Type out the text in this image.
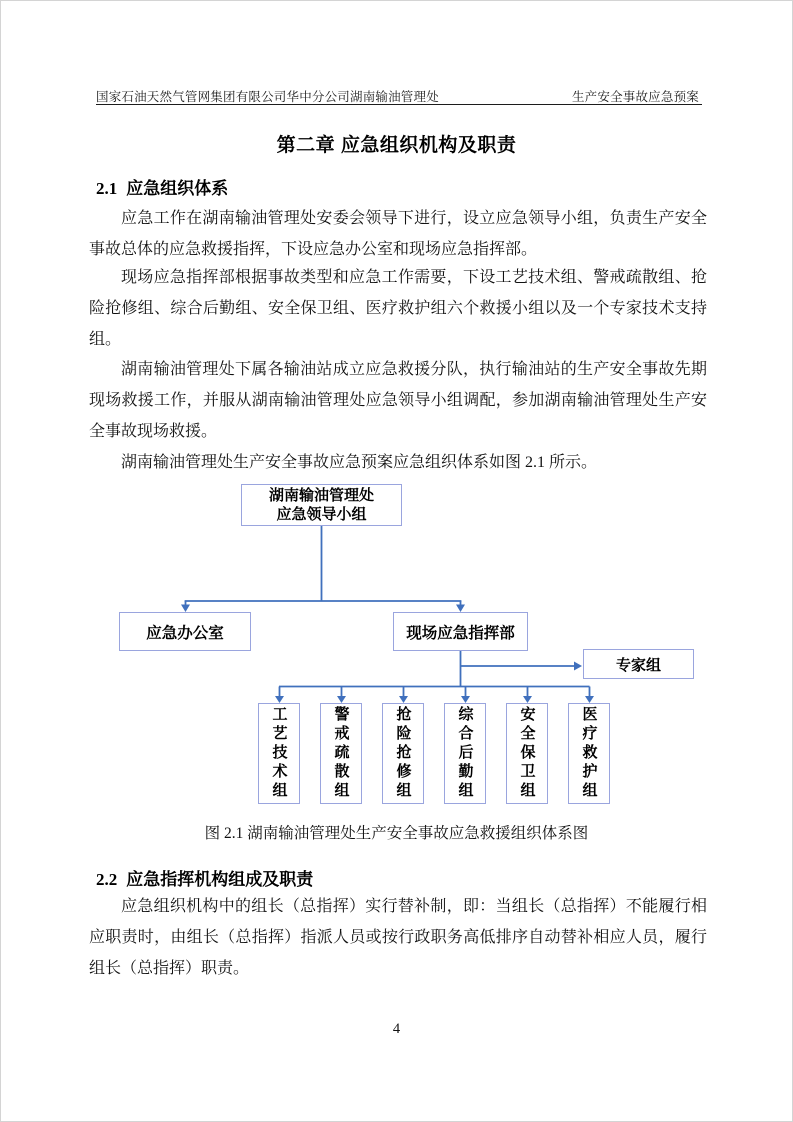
国家石油天然气管网集团有限公司华中分公司湖南输油管理处	生产安全事故应急预案
第二章 应急组织机构及职责
2.1 应急组织体系

应急工作在湖南输油管理处安委会领导下进行，设立应急领导小组，负责生产安全事故总体的应急救援指挥，下设应急办公室和现场应急指挥部。

现场应急指挥部根据事故类型和应急工作需要，下设工艺技术组、警戒疏散组、抢险抢修组、综合后勤组、安全保卫组、医疗救护组六个救援小组以及一个专家技术支持组。

湖南输油管理处下属各输油站成立应急救援分队，执行输油站的生产安全事故先期现场救援工作，并服从湖南输油管理处应急领导小组调配，参加湖南输油管理处生产安全事故现场救援。

湖南输油管理处生产安全事故应急预案应急组织体系如图 2.1 所示。

湖南输油管理处
应急领导小组
应急办公室	现场应急指挥部
专家组
工艺技术组	警戒疏散组	抢险抢修组	综合后勤组	安全保卫组	医疗救护组
图 2.1 湖南输油管理处生产安全事故应急救援组织体系图
2.2 应急指挥机构组成及职责

应急组织机构中的组长（总指挥）实行替补制，即：当组长（总指挥）不能履行相应职责时，由组长（总指挥）指派人员或按行政职务高低排序自动替补相应人员，履行组长（总指挥）职责。

4
